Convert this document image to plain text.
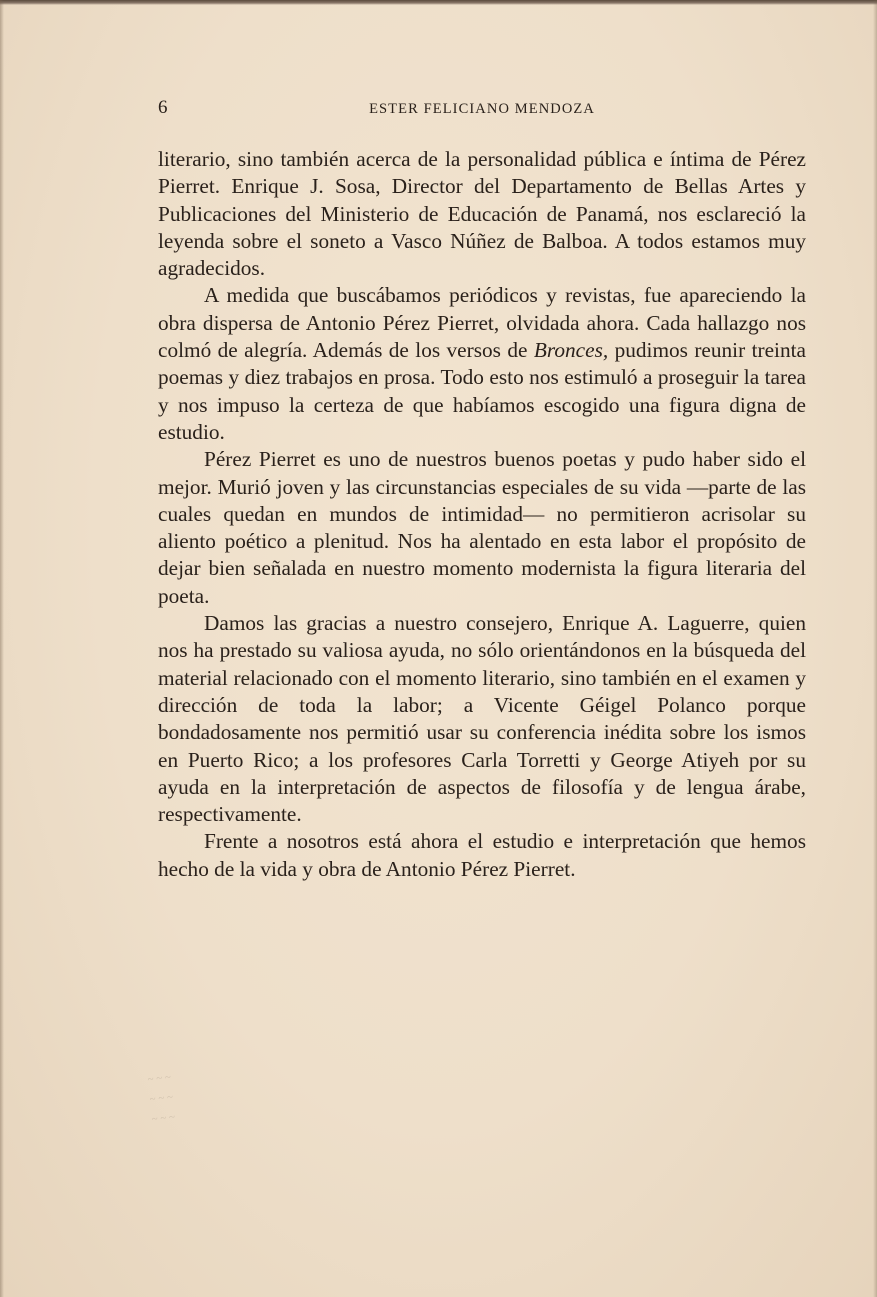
6	ESTER FELICIANO MENDOZA

literario, sino también acerca de la personalidad pública e íntima de Pérez Pierret. Enrique J. Sosa, Director del Departamento de Bellas Artes y Publicaciones del Ministerio de Educación de Panamá, nos esclareció la leyenda sobre el soneto a Vasco Núñez de Balboa. A todos estamos muy agradecidos.

A medida que buscábamos periódicos y revistas, fue apareciendo la obra dispersa de Antonio Pérez Pierret, olvidada ahora. Cada hallazgo nos colmó de alegría. Además de los versos de Bronces, pudimos reunir treinta poemas y diez trabajos en prosa. Todo esto nos estimuló a proseguir la tarea y nos impuso la certeza de que habíamos escogido una figura digna de estudio.

Pérez Pierret es uno de nuestros buenos poetas y pudo haber sido el mejor. Murió joven y las circunstancias especiales de su vida —parte de las cuales quedan en mundos de intimidad— no permitieron acrisolar su aliento poético a plenitud. Nos ha alentado en esta labor el propósito de dejar bien señalada en nuestro momento modernista la figura literaria del poeta.

Damos las gracias a nuestro consejero, Enrique A. Laguerre, quien nos ha prestado su valiosa ayuda, no sólo orientándonos en la búsqueda del material relacionado con el momento literario, sino también en el examen y dirección de toda la labor; a Vicente Géigel Polanco porque bondadosamente nos permitió usar su conferencia inédita sobre los ismos en Puerto Rico; a los profesores Carla Torretti y George Atiyeh por su ayuda en la interpretación de aspectos de filosofía y de lengua árabe, respectivamente.

Frente a nosotros está ahora el estudio e interpretación que hemos hecho de la vida y obra de Antonio Pérez Pierret.

~ ~ ~
~ ~ ~
~ ~ ~
